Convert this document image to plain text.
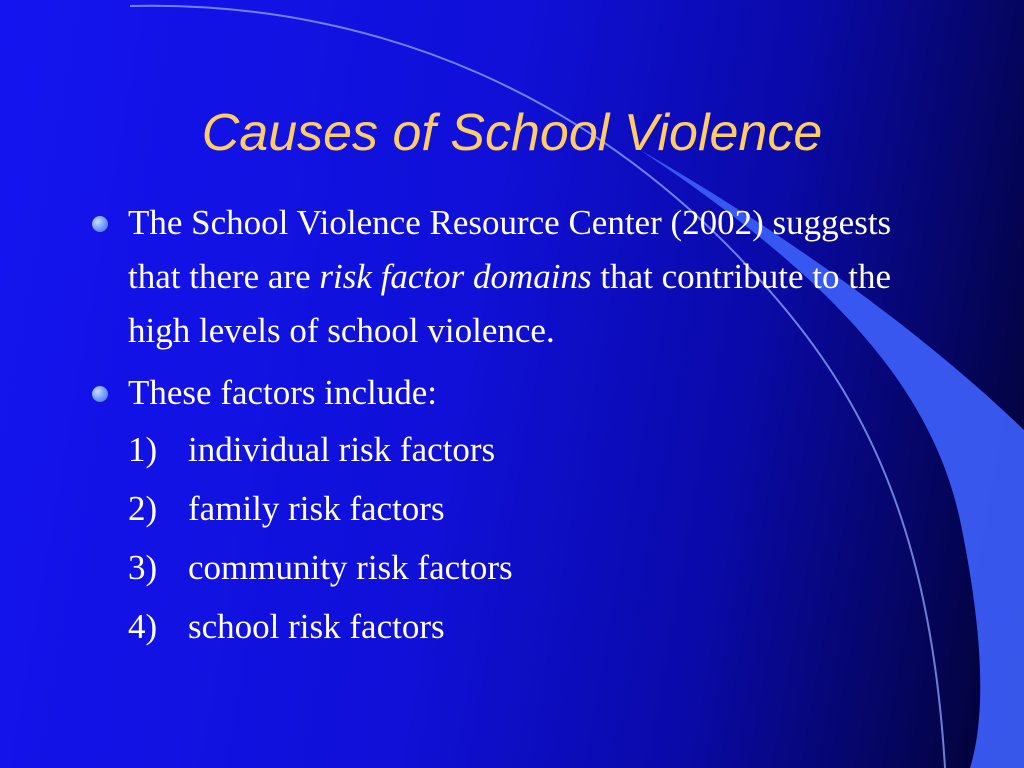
Causes of School Violence
The School Violence Resource Center (2002) suggests that there are risk factor domains that contribute to the high levels of school violence.
These factors include:
1) individual risk factors
2) family risk factors
3) community risk factors
4) school risk factors
